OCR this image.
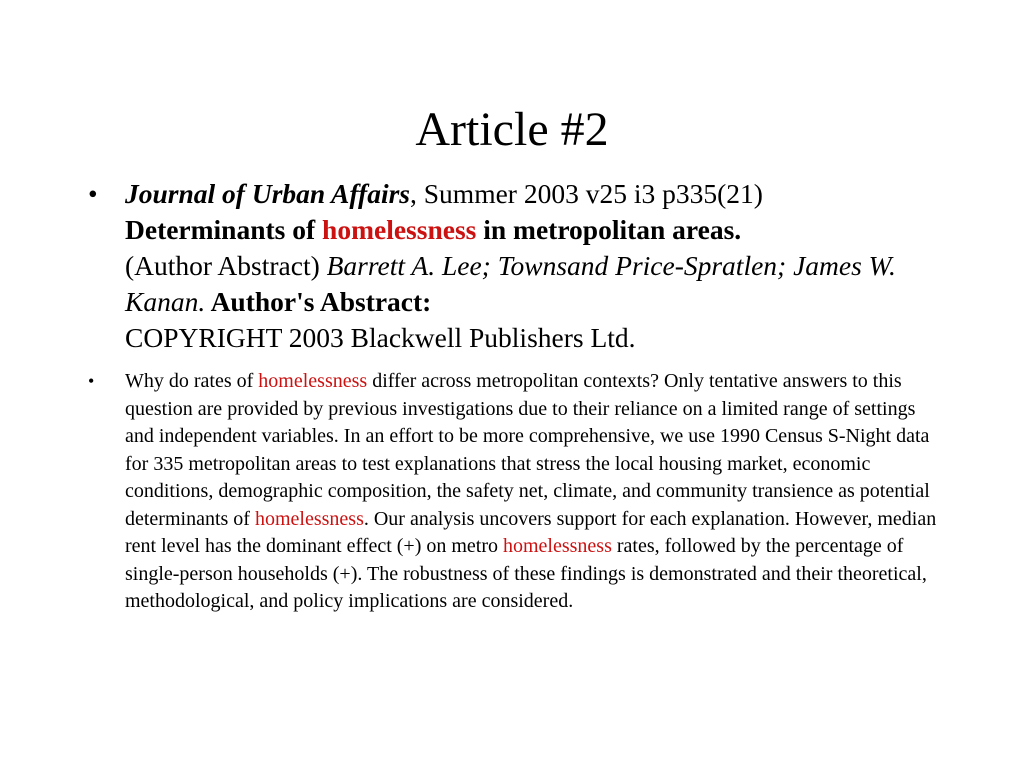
Article #2
• Journal of Urban Affairs, Summer 2003 v25 i3 p335(21)
Determinants of homelessness in metropolitan areas.
(Author Abstract) Barrett A. Lee; Townsand Price-Spratlen; James W. Kanan. Author's Abstract:
COPYRIGHT 2003 Blackwell Publishers Ltd.
• Why do rates of homelessness differ across metropolitan contexts? Only tentative answers to this question are provided by previous investigations due to their reliance on a limited range of settings and independent variables. In an effort to be more comprehensive, we use 1990 Census S-Night data for 335 metropolitan areas to test explanations that stress the local housing market, economic conditions, demographic composition, the safety net, climate, and community transience as potential determinants of homelessness. Our analysis uncovers support for each explanation. However, median rent level has the dominant effect (+) on metro homelessness rates, followed by the percentage of single-person households (+). The robustness of these findings is demonstrated and their theoretical, methodological, and policy implications are considered.
